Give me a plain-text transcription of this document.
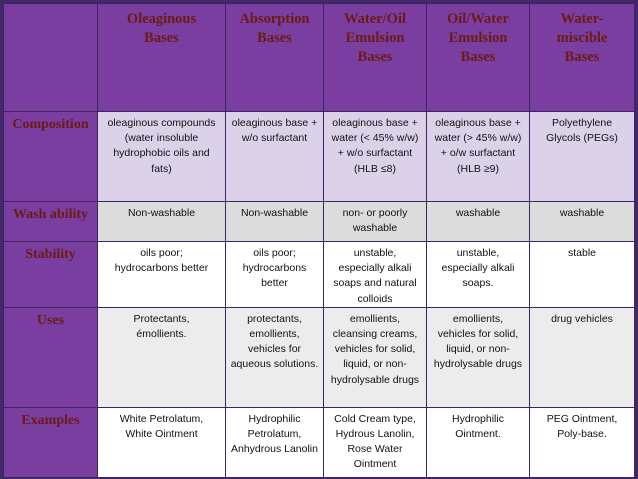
	Oleaginous
Bases	Absorption
Bases	Water/Oil
Emulsion
Bases	Oil/Water
Emulsion
Bases	Water-
miscible
Bases
Composition	oleaginous compounds
(water insoluble
hydrophobic oils and
fats)	oleaginous base +
w/o surfactant	oleaginous base +
water (< 45% w/w)
+ w/o surfactant
(HLB ≤8)	oleaginous base +
water (> 45% w/w)
+ o/w surfactant
(HLB ≥9)	Polyethylene
Glycols (PEGs)
Wash ability	Non-washable	Non-washable	non- or poorly
washable	washable	washable
Stability	oils poor;
hydrocarbons better	oils poor;
hydrocarbons
better	unstable,
especially alkali
soaps and natural
colloids	unstable,
especially alkali
soaps.	stable
Uses	Protectants,
émollients.	protectants,
emollients,
vehicles for
aqueous solutions.	emollients,
cleansing creams,
vehicles for solid,
liquid, or non-
hydrolysable drugs	emollients,
vehicles for solid,
liquid, or non-
hydrolysable drugs	drug vehicles
Examples	White Petrolatum,
White Ointment	Hydrophilic
Petrolatum,
Anhydrous Lanolin	Cold Cream type,
Hydrous Lanolin,
Rose Water
Ointment	Hydrophilic
Ointment.	PEG Ointment,
Poly-base.
